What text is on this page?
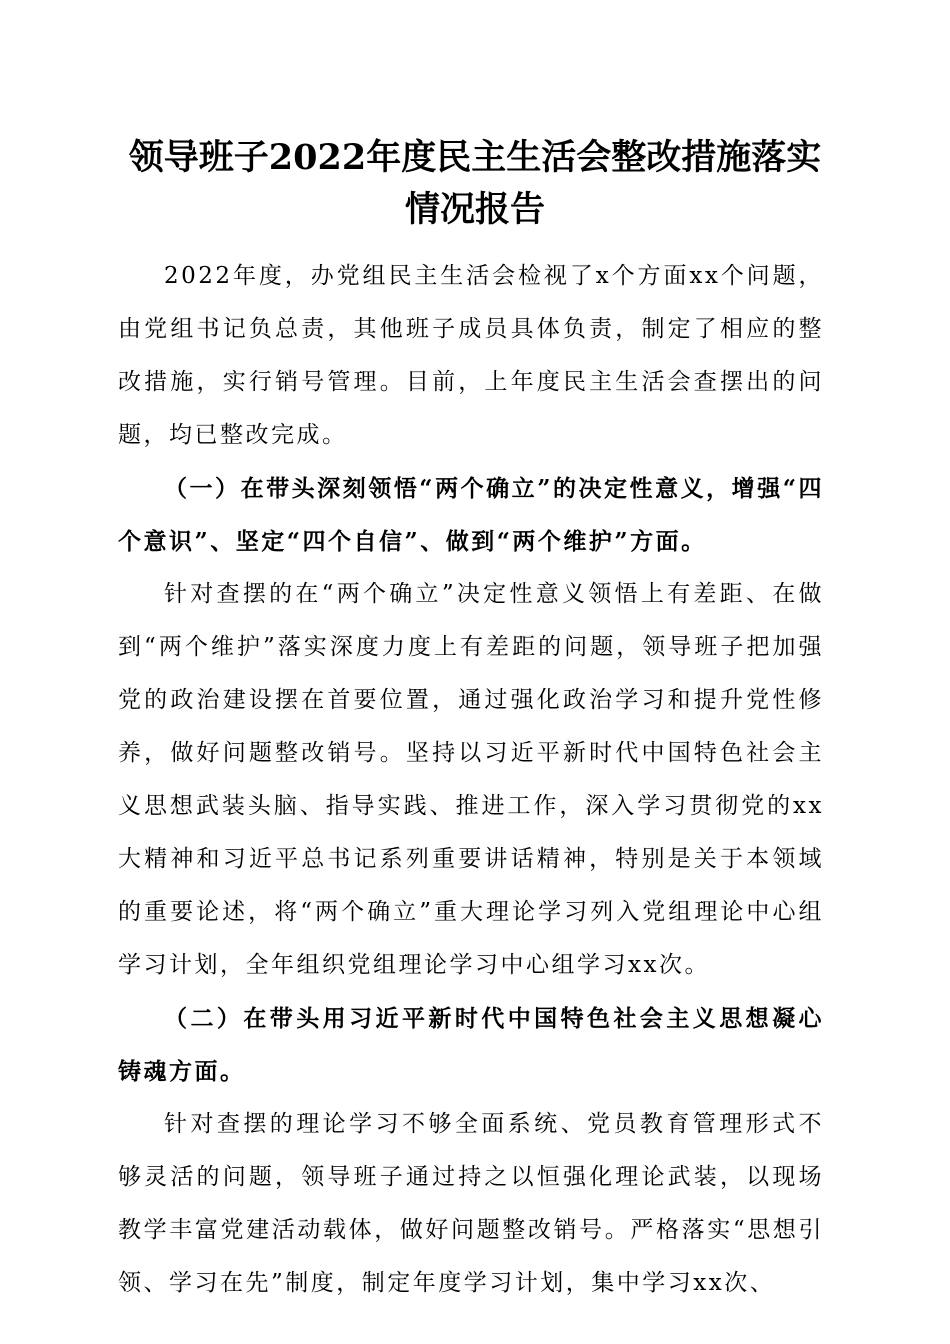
领导班子2022年度民主生活会整改措施落实
情况报告

2022年度，办党组民主生活会检视了x个方面xx个问题，由党组书记负总责，其他班子成员具体负责，制定了相应的整改措施，实行销号管理。目前，上年度民主生活会查摆出的问题，均已整改完成。

（一）在带头深刻领悟“两个确立”的决定性意义，增强“四个意识”、坚定“四个自信”、做到“两个维护”方面。

针对查摆的在“两个确立”决定性意义领悟上有差距、在做到“两个维护”落实深度力度上有差距的问题，领导班子把加强党的政治建设摆在首要位置，通过强化政治学习和提升党性修养，做好问题整改销号。坚持以习近平新时代中国特色社会主义思想武装头脑、指导实践、推进工作，深入学习贯彻党的xx大精神和习近平总书记系列重要讲话精神，特别是关于本领域的重要论述，将“两个确立”重大理论学习列入党组理论中心组学习计划，全年组织党组理论学习中心组学习xx次。

（二）在带头用习近平新时代中国特色社会主义思想凝心铸魂方面。

针对查摆的理论学习不够全面系统、党员教育管理形式不够灵活的问题，领导班子通过持之以恒强化理论武装，以现场教学丰富党建活动载体，做好问题整改销号。严格落实“思想引领、学习在先”制度，制定年度学习计划，集中学习xx次、
